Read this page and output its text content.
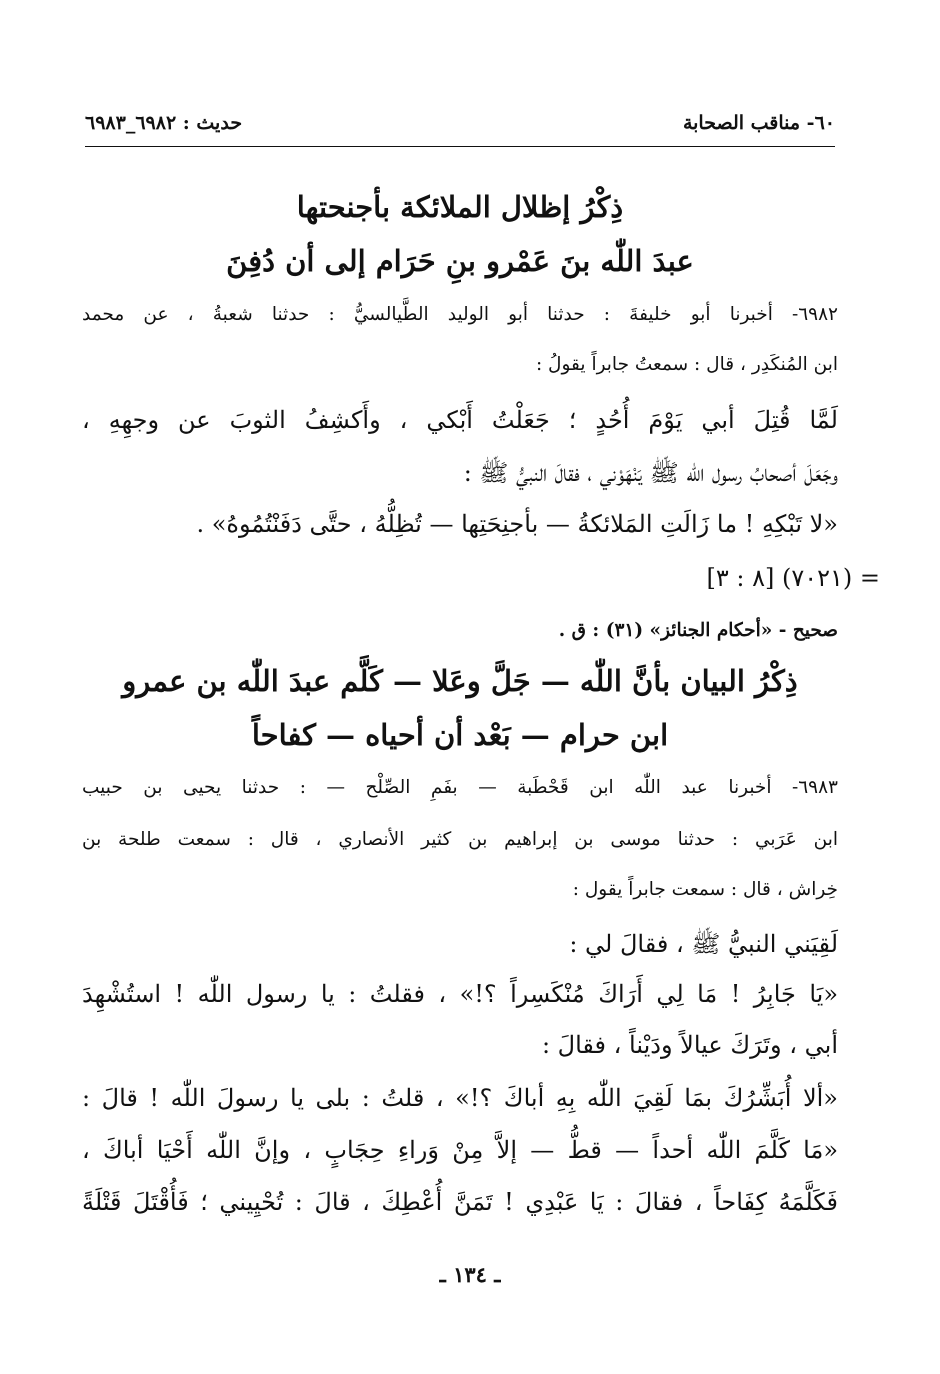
٦٠- مناقب الصحابة
حديث : ٦٩٨٢_٦٩٨٣
ذِكْرُ إظلال الملائكة بأجنحتها
عبدَ اللّٰه بنَ عَمْرو بنِ حَرَام إلى أن دُفِنَ
٦٩٨٢- أخبرنا أبو خليفةَ : حدثنا أبو الوليد الطَّيالسيُّ : حدثنا شعبةُ ، عن محمد
ابن المُنكَدِر ، قال : سمعتُ جابراً يقولُ :
لَمَّا قُتِلَ أبي يَوْمَ أُحُدٍ ؛ جَعَلْتُ أَبْكي ، وأَكشِفُ الثوبَ عن وجهِهِ ،
وجَعَلَ أصحابُ رسول اللّٰه ﷺ يَنْهَوْني ، فقالَ النبيُّ ﷺ :
«لا تَبْكِهِ ! ما زَالَتِ المَلائكةُ — بأجنِحَتِها — تُظِلُّهُ ، حتَّى دَفَنْتُمُوهُ» .
= (٧٠٢١) [٨ : ٣]
صحيح - «أحكام الجنائز» (٣١) : ق .
ذِكْرُ البيان بأنَّ اللّٰه — جَلَّ وعَلا — كَلَّم عبدَ اللّٰه بن عمرو
ابن حرام — بَعْد أن أحياه — كفاحاً
٦٩٨٣- أخبرنا عبد اللّٰه ابن قَحْطَبة — بفَمِ الصِّلْح — : حدثنا يحيى بن حبيب
ابن عَرَبي : حدثنا موسى بن إبراهيم بن كثير الأنصاري ، قال : سمعت طلحة بن
خِراش ، قال : سمعت جابراً يقول :
لَقِيَني النبيُّ ﷺ ، فقالَ لي :
«يَا جَابِرُ ! مَا لِي أَرَاكَ مُنْكَسِراً ؟!» ، فقلتُ : يا رسول اللّٰه ! استُشْهِدَ
أبي ، وتَرَكَ عيالاً ودَيْناً ، فقالَ :
«ألا أُبَشِّرُكَ بمَا لَقِيَ اللّٰه بِهِ أباكَ ؟!» ، قلتُ : بلى يا رسولَ اللّٰه ! قالَ :
«مَا كَلَّمَ اللّٰه أحداً — قطُّ — إلاَّ مِنْ وَراءِ حِجَابٍ ، وإنَّ اللّٰه أَحْيَا أباكَ ،
فَكَلَّمَهُ كِفَاحاً ، فقالَ : يَا عَبْدِي ! تَمَنَّ أُعْطِكَ ، قالَ : تُحْيِيني ؛ فَأُقْتَلَ قَتْلَةً
ـ ١٣٤ ـ
